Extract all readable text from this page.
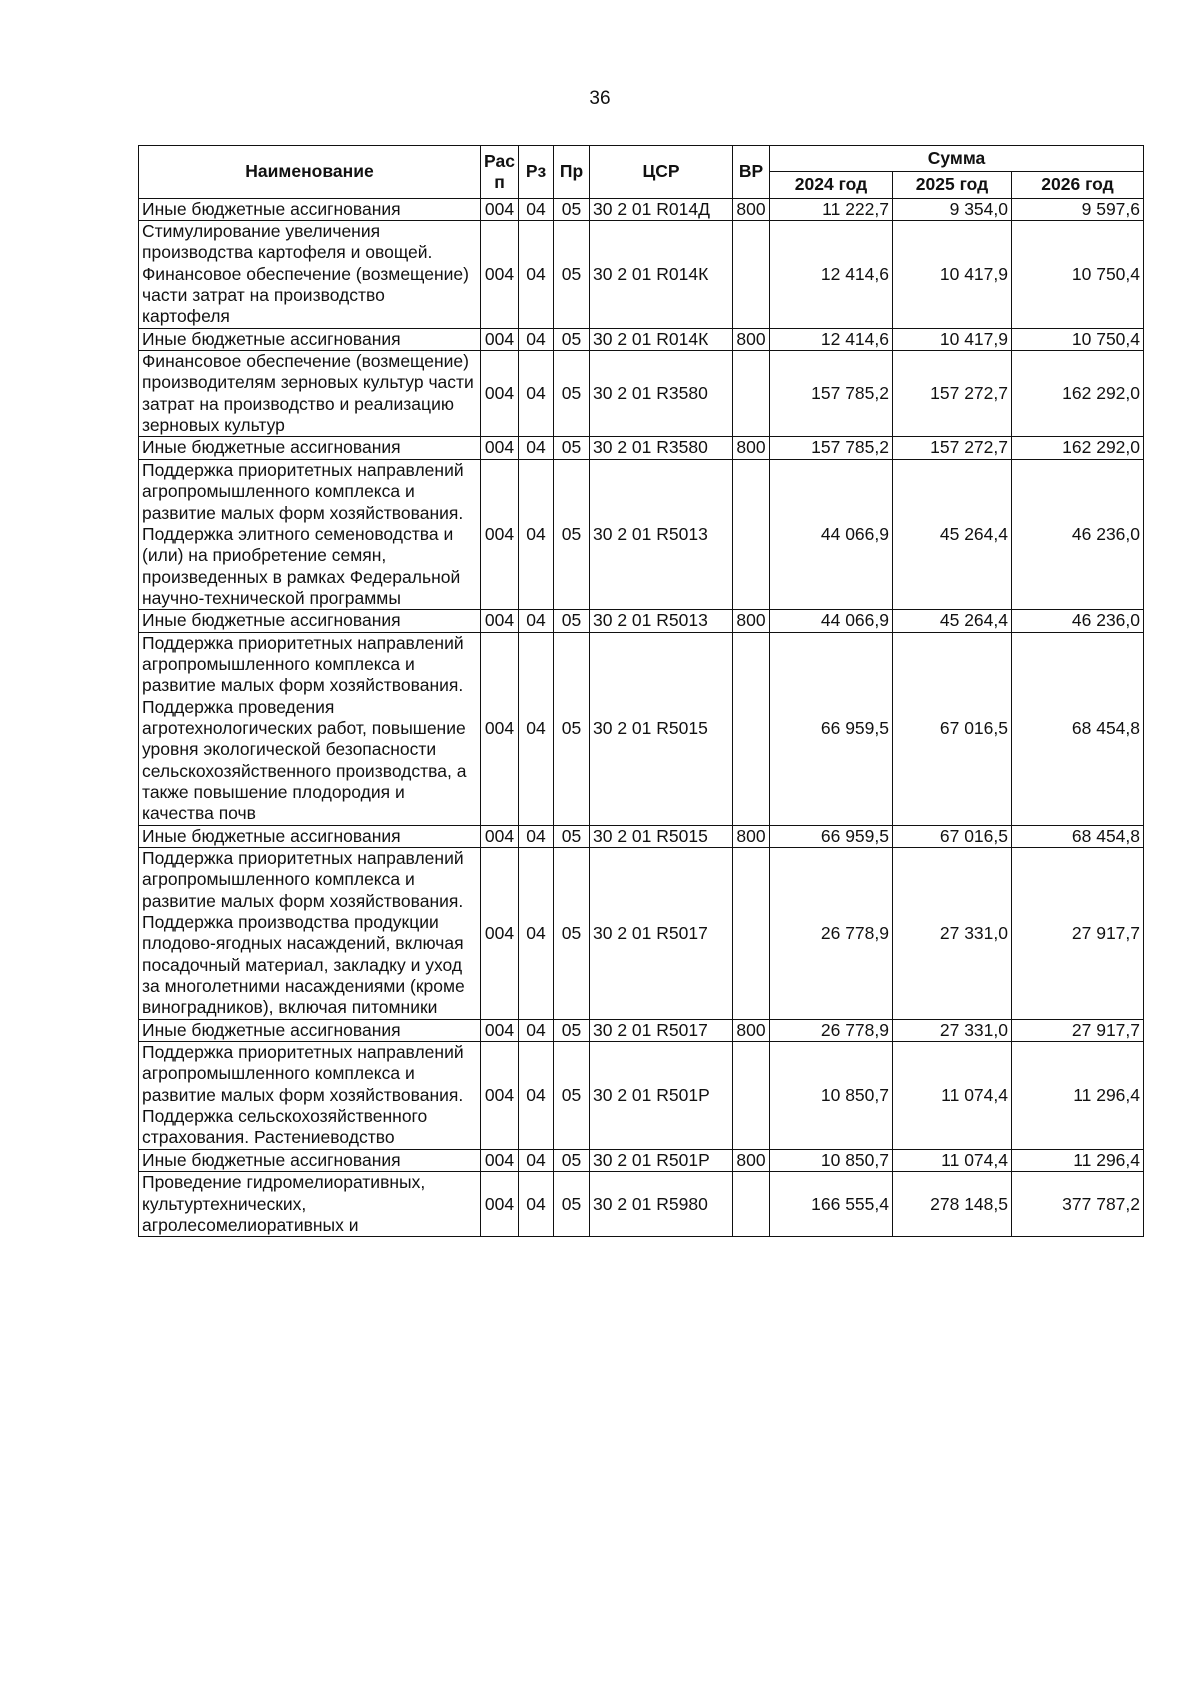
36
Наименование	Рас п	Рз	Пр	ЦСР	ВР	Сумма		
						2024 год	2025 год	2026 год
Иные бюджетные ассигнования	004	04	05	30 2 01 R014Д	800	11 222,7	9 354,0	9 597,6
Стимулирование увеличения производства картофеля и овощей. Финансовое обеспечение (возмещение) части затрат на производство картофеля	004	04	05	30 2 01 R014К		12 414,6	10 417,9	10 750,4
Иные бюджетные ассигнования	004	04	05	30 2 01 R014К	800	12 414,6	10 417,9	10 750,4
Финансовое обеспечение (возмещение) производителям зерновых культур части затрат на производство и реализацию зерновых культур	004	04	05	30 2 01 R3580		157 785,2	157 272,7	162 292,0
Иные бюджетные ассигнования	004	04	05	30 2 01 R3580	800	157 785,2	157 272,7	162 292,0
Поддержка приоритетных направлений агропромышленного комплекса и развитие малых форм хозяйствования. Поддержка элитного семеноводства и (или) на приобретение семян, произведенных в рамках Федеральной научно-технической программы	004	04	05	30 2 01 R5013		44 066,9	45 264,4	46 236,0
Иные бюджетные ассигнования	004	04	05	30 2 01 R5013	800	44 066,9	45 264,4	46 236,0
Поддержка приоритетных направлений агропромышленного комплекса и развитие малых форм хозяйствования. Поддержка проведения агротехнологических работ, повышение уровня экологической безопасности сельскохозяйственного производства, а также повышение плодородия и качества почв	004	04	05	30 2 01 R5015		66 959,5	67 016,5	68 454,8
Иные бюджетные ассигнования	004	04	05	30 2 01 R5015	800	66 959,5	67 016,5	68 454,8
Поддержка приоритетных направлений агропромышленного комплекса и развитие малых форм хозяйствования. Поддержка производства продукции плодово-ягодных насаждений, включая посадочный материал, закладку и уход за многолетними насаждениями (кроме виноградников), включая питомники	004	04	05	30 2 01 R5017		26 778,9	27 331,0	27 917,7
Иные бюджетные ассигнования	004	04	05	30 2 01 R5017	800	26 778,9	27 331,0	27 917,7
Поддержка приоритетных направлений агропромышленного комплекса и развитие малых форм хозяйствования. Поддержка сельскохозяйственного страхования. Растениеводство	004	04	05	30 2 01 R501Р		10 850,7	11 074,4	11 296,4
Иные бюджетные ассигнования	004	04	05	30 2 01 R501Р	800	10 850,7	11 074,4	11 296,4
Проведение гидромелиоративных, культуртехнических, агролесомелиоративных и	004	04	05	30 2 01 R5980		166 555,4	278 148,5	377 787,2
